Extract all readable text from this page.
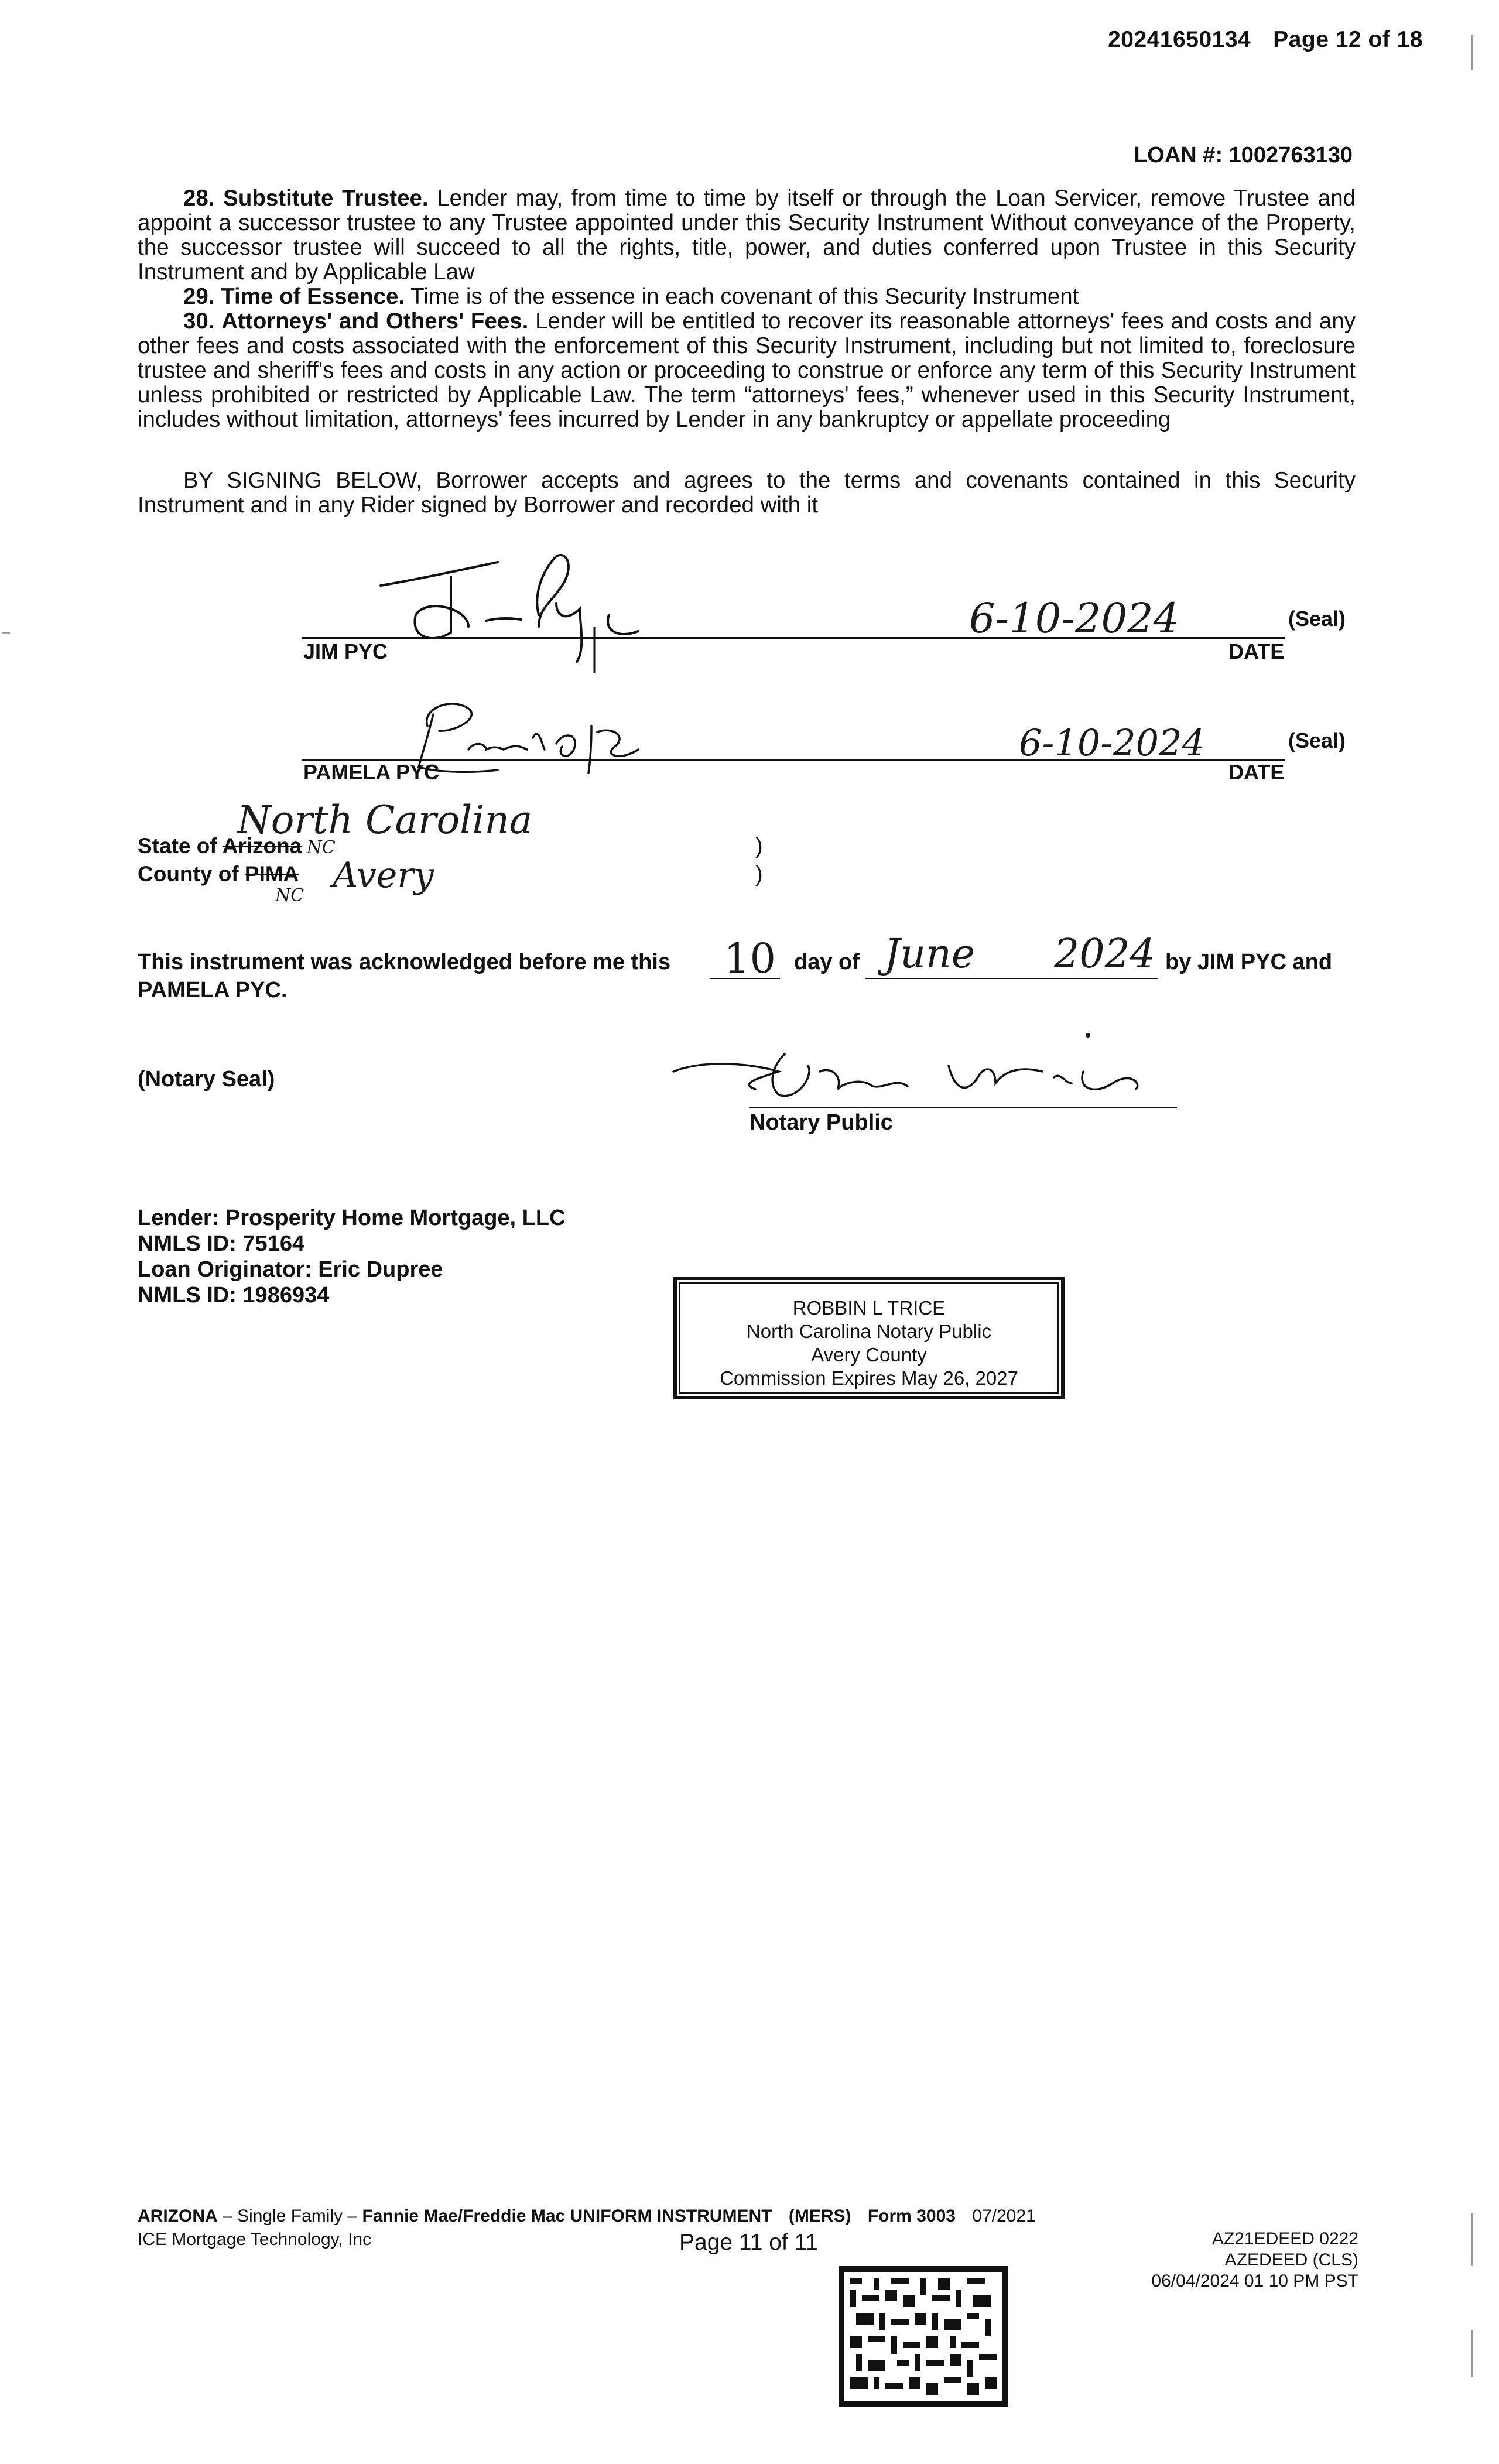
20241650134 Page 12 of 18
LOAN #: 1002763130

28. Substitute Trustee. Lender may, from time to time by itself or through the Loan Servicer, remove Trustee and appoint a successor trustee to any Trustee appointed under this Security Instrument Without conveyance of the Property, the successor trustee will succeed to all the rights, title, power, and duties conferred upon Trustee in this Security Instrument and by Applicable Law

29. Time of Essence. Time is of the essence in each covenant of this Security Instrument

30. Attorneys' and Others' Fees. Lender will be entitled to recover its reasonable attorneys' fees and costs and any other fees and costs associated with the enforcement of this Security Instrument, including but not limited to, foreclosure trustee and sheriff's fees and costs in any action or proceeding to construe or enforce any term of this Security Instrument unless prohibited or restricted by Applicable Law. The term “attorneys' fees,” whenever used in this Security Instrument, includes without limitation, attorneys' fees incurred by Lender in any bankruptcy or appellate proceeding

BY SIGNING BELOW, Borrower accepts and agrees to the terms and covenants contained in this Security Instrument and in any Rider signed by Borrower and recorded with it

6-10-2024	(Seal)
JIM PYC	DATE
6-10-2024	(Seal)
PAMELA PYC	DATE
North Carolina
State of Arizona NC
County of PIMA Avery
NC
)
)
This instrument was acknowledged before me this 10 day of June 2024 by JIM PYC and
PAMELA PYC.
(Notary Seal)
Notary Public
Lender: Prosperity Home Mortgage, LLC
NMLS ID: 75164
Loan Originator: Eric Dupree
NMLS ID: 1986934
ROBBIN L TRICE
North Carolina Notary Public
Avery County
Commission Expires May 26, 2027
ARIZONA – Single Family – Fannie Mae/Freddie Mac UNIFORM INSTRUMENT (MERS) Form 3003 07/2021
ICE Mortgage Technology, Inc	Page 11 of 11	AZ21EDEED 0222
AZEDEED (CLS)
06/04/2024 01 10 PM PST
